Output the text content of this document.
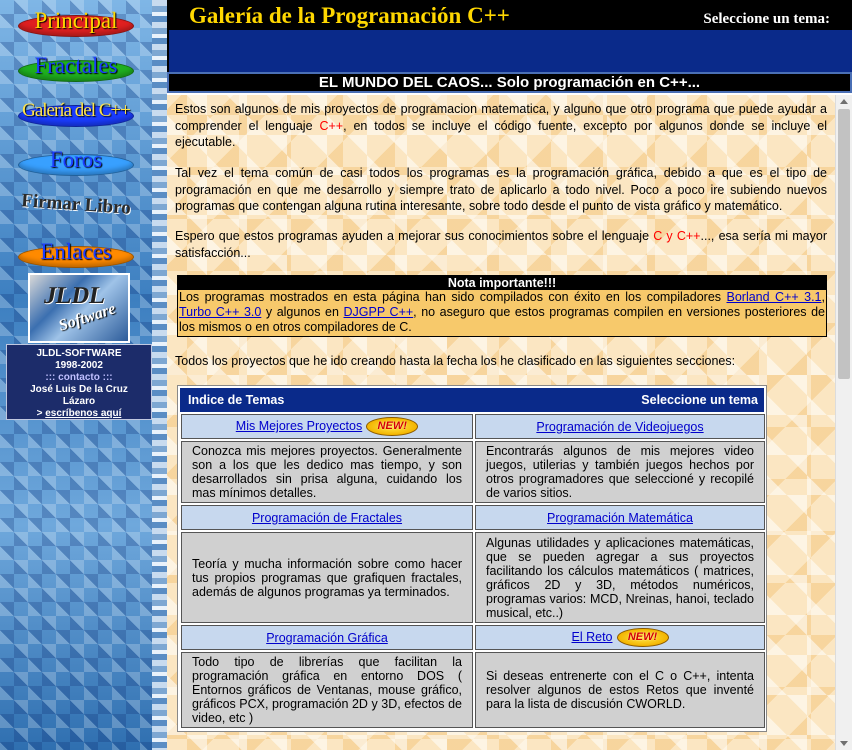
Principal
Fractales
Galería del C++
Foros
Firmar Libro
Enlaces
JLDL
Software
JLDL-SOFTWARE
1998-2002
::: contacto :::
José Luis De la Cruz
Lázaro
> escríbenos aquí
Galería de la Programación C++	Seleccione un tema:
EL MUNDO DEL CAOS... Solo programación en C++...

Estos son algunos de mis proyectos de programacion matematica, y alguno que otro programa que puede ayudar a comprender el lenguaje C++, en todos se incluye el código fuente, excepto por algunos donde se incluye el ejecutable.

Tal vez el tema común de casi todos los programas es la programación gráfica, debido a que es el tipo de programación en que me desarrollo y siempre trato de aplicarlo a todo nivel. Poco a poco ire subiendo nuevos programas que contengan alguna rutina interesante, sobre todo desde el punto de vista gráfico y matemático.

Espero que estos programas ayuden a mejorar sus conocimientos sobre el lenguaje C y C++..., esa sería mi mayor satisfacción...

Nota importante!!!
Los programas mostrados en esta página han sido compilados con éxito en los compiladores Borland C++ 3.1, Turbo C++ 3.0 y algunos en DJGPP C++, no aseguro que estos programas compilen en versiones posteriores de los mismos o en otros compiladores de C.

Todos los proyectos que he ido creando hasta la fecha los he clasificado en las siguientes secciones:

Indice de Temas	Seleccione un tema
Mis Mejores Proyectos NEW!	Programación de Videojuegos
Conozca mis mejores proyectos. Generalmente son a los que les dedico mas tiempo, y son desarrollados sin prisa alguna, cuidando los mas mínimos detalles.	Encontrarás algunos de mis mejores video juegos, utilerias y también juegos hechos por otros programadores que seleccioné y recopilé de varios sitios.
Programación de Fractales	Programación Matemática
Teoría y mucha información sobre como hacer tus propios programas que grafiquen fractales, además de algunos programas ya terminados.	Algunas utilidades y aplicaciones matemáticas, que se pueden agregar a sus proyectos facilitando los cálculos matemáticos ( matrices, gráficos 2D y 3D, métodos numéricos, programas varios: MCD, Nreinas, hanoi, teclado musical, etc..)
Programación Gráfica	El Reto NEW!
Todo tipo de librerías que facilitan la programación gráfica en entorno DOS ( Entornos gráficos de Ventanas, mouse gráfico, gráficos PCX, programación 2D y 3D, efectos de video, etc )	Si deseas entrenerte con el C o C++, intenta resolver algunos de estos Retos que inventé para la lista de discusión CWORLD.
